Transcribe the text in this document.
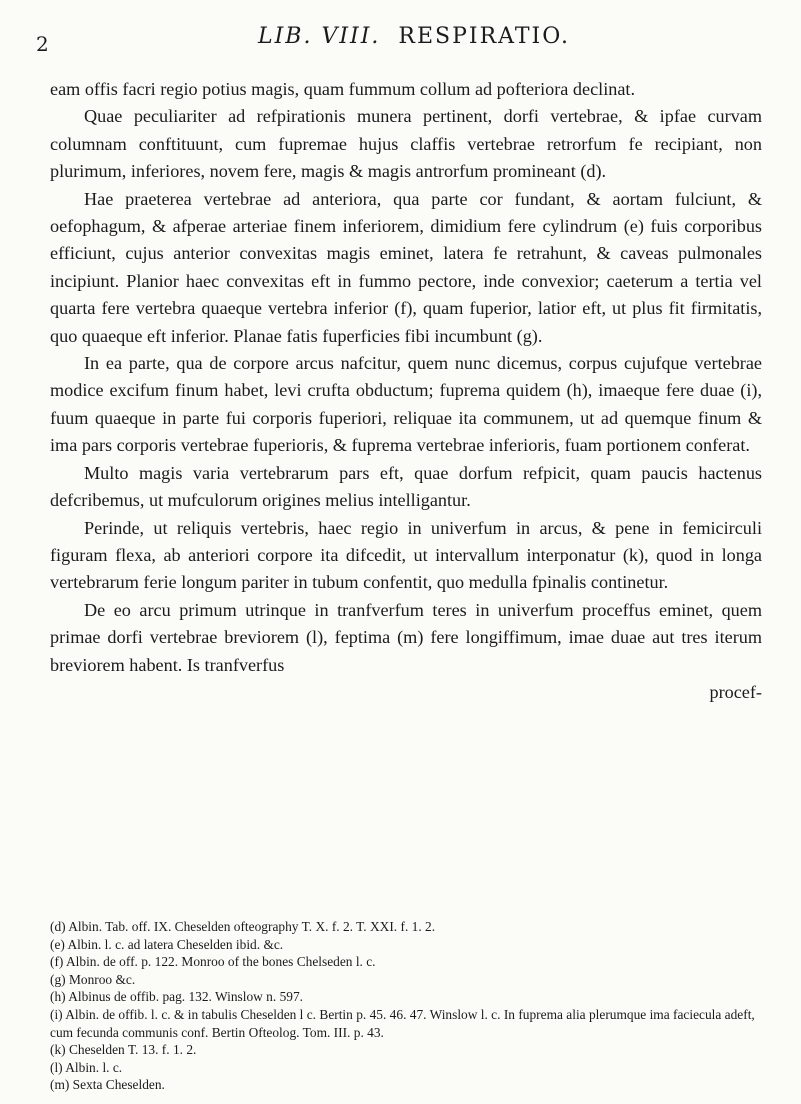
2	LIB. VIII. RESPIRATIO.

eam offis facri regio potius magis, quam fummum collum ad pofteriora declinat.

Quae peculiariter ad refpirationis munera pertinent, dorfi vertebrae, & ipfae curvam columnam conftituunt, cum fupremae hujus claffis vertebrae retrorfum fe recipiant, non plurimum, inferiores, novem fere, magis & magis antrorfum promineant (d).

Hae praeterea vertebrae ad anteriora, qua parte cor fundant, & aortam fulciunt, & oefophagum, & afperae arteriae finem inferiorem, dimidium fere cylindrum (e) fuis corporibus efficiunt, cujus anterior convexitas magis eminet, latera fe retrahunt, & caveas pulmonales incipiunt. Planior haec convexitas eft in fummo pectore, inde convexior; caeterum a tertia vel quarta fere vertebra quaeque vertebra inferior (f), quam fuperior, latior eft, ut plus fit firmitatis, quo quaeque eft inferior. Planae fatis fuperficies fibi incumbunt (g).

In ea parte, qua de corpore arcus nafcitur, quem nunc dicemus, corpus cujufque vertebrae modice excifum finum habet, levi crufta obductum; fuprema quidem (h), imaeque fere duae (i), fuum quaeque in parte fui corporis fuperiori, reliquae ita communem, ut ad quemque finum & ima pars corporis vertebrae fuperioris, & fuprema vertebrae inferioris, fuam portionem conferat.

Multo magis varia vertebrarum pars eft, quae dorfum refpicit, quam paucis hactenus defcribemus, ut mufculorum origines melius intelligantur.

Perinde, ut reliquis vertebris, haec regio in univerfum in arcus, & pene in femicirculi figuram flexa, ab anteriori corpore ita difcedit, ut intervallum interponatur (k), quod in longa vertebrarum ferie longum pariter in tubum confentit, quo medulla fpinalis continetur.

De eo arcu primum utrinque in tranfverfum teres in univerfum proceffus eminet, quem primae dorfi vertebrae breviorem (l), feptima (m) fere longiffimum, imae duae aut tres iterum breviorem habent. Is tranfverfus

procef-

(d) Albin. Tab. off. IX. Cheselden ofteography T. X. f. 2. T. XXI. f. 1. 2.
(e) Albin. l. c. ad latera Cheselden ibid. &c.
(f) Albin. de off. p. 122. Monroo of the bones Chelseden l. c.
(g) Monroo &c.
(h) Albinus de offib. pag. 132. Winslow n. 597.
(i) Albin. de offib. l. c. & in tabulis Cheselden l c. Bertin p. 45. 46. 47. Winslow l. c. In fuprema alia plerumque ima faciecula adeft, cum fecunda communis conf. Bertin Ofteolog. Tom. III. p. 43.
(k) Cheselden T. 13. f. 1. 2.
(l) Albin. l. c.
(m) Sexta Cheselden.
